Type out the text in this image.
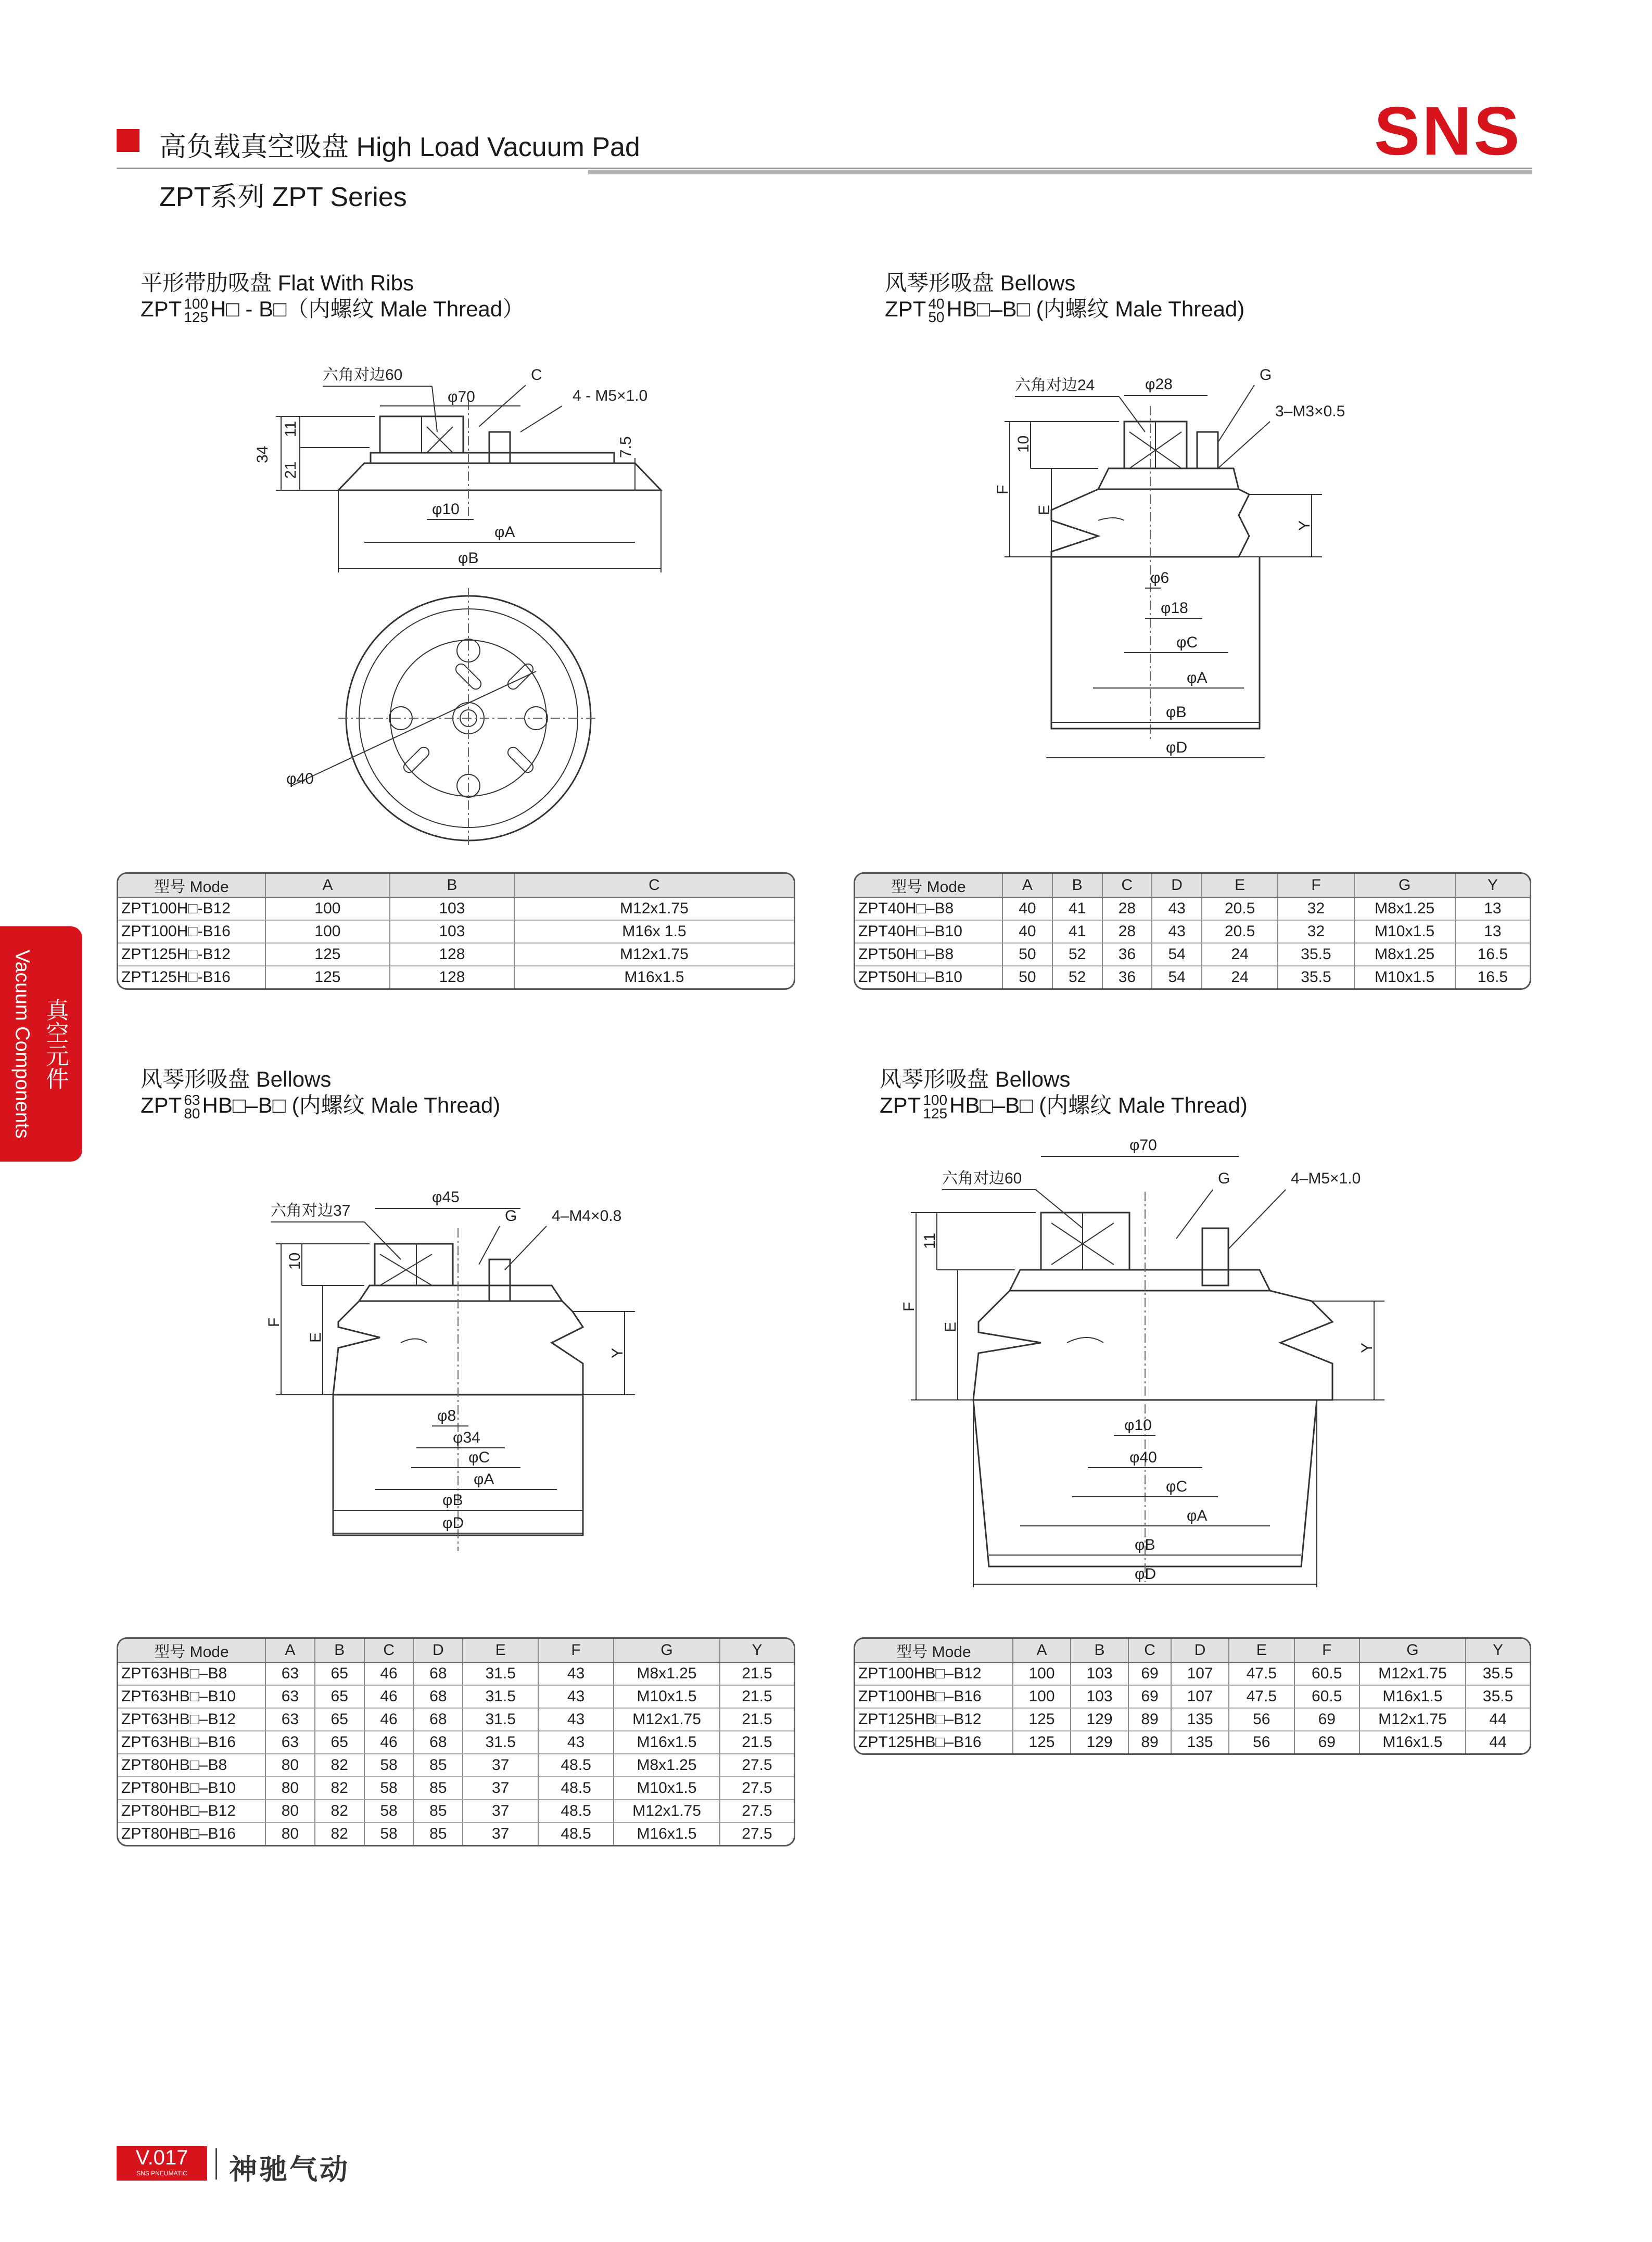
高负载真空吸盘 High Load Vacuum Pad
ZPT系列 ZPT Series
SNS
真空元件
Vacuum Components
平形带肋吸盘 Flat With Ribs
ZPT 100
125H□ - B□（内螺纹 Male Thread）
风琴形吸盘 Bellows
ZPT 40
50HB□–B□ (内螺纹 Male Thread)
风琴形吸盘 Bellows
ZPT 63
80HB□–B□ (内螺纹 Male Thread)
风琴形吸盘 Bellows
ZPT 100
125HB□–B□ (内螺纹 Male Thread)
34
11
21
7.5
六角对边60
φ70
C
4 - M5×1.0
φ10
φA
φB
φ40
10
F
E
Y
六角对边24	φ28
G
3–M3×0.5
φ6
φ18
φC
φA
φB
φD
型号 Mode	A	B	C
ZPT100H□-B12	100	103	M12x1.75
ZPT100H□-B16	100	103	M16x 1.5
ZPT125H□-B12	125	128	M12x1.75
ZPT125H□-B16	125	128	M16x1.5
型号 Mode	A	B	C	D	E	F	G	Y
ZPT40H□–B8	40	41	28	43	20.5	32	M8x1.25	13
ZPT40H□–B10	40	41	28	43	20.5	32	M10x1.5	13
ZPT50H□–B8	50	52	36	54	24	35.5	M8x1.25	16.5
ZPT50H□–B10	50	52	36	54	24	35.5	M10x1.5	16.5
10
F
E
Y
六角对边37
φ45
G 4–M4×0.8
φ8
φ34
φC
φA
φB
φD
11
F
E
Y
φ70
六角对边60	G	4–M5×1.0
φ10
φ40
φC
φA
φB
φD
型号 Mode	A	B	C	D	E	F	G	Y
ZPT63HB□–B8	63	65	46	68	31.5	43	M8x1.25	21.5
ZPT63HB□–B10	63	65	46	68	31.5	43	M10x1.5	21.5
ZPT63HB□–B12	63	65	46	68	31.5	43	M12x1.75	21.5
ZPT63HB□–B16	63	65	46	68	31.5	43	M16x1.5	21.5
ZPT80HB□–B8	80	82	58	85	37	48.5	M8x1.25	27.5
ZPT80HB□–B10	80	82	58	85	37	48.5	M10x1.5	27.5
ZPT80HB□–B12	80	82	58	85	37	48.5	M12x1.75	27.5
ZPT80HB□–B16	80	82	58	85	37	48.5	M16x1.5	27.5
型号 Mode	A	B	C	D	E	F	G	Y
ZPT100HB□–B12	100	103	69	107	47.5	60.5	M12x1.75	35.5
ZPT100HB□–B16	100	103	69	107	47.5	60.5	M16x1.5	35.5
ZPT125HB□–B12	125	129	89	135	56	69	M12x1.75	44
ZPT125HB□–B16	125	129	89	135	56	69	M16x1.5	44
V.017
SNS PNEUMATIC	神驰气动
